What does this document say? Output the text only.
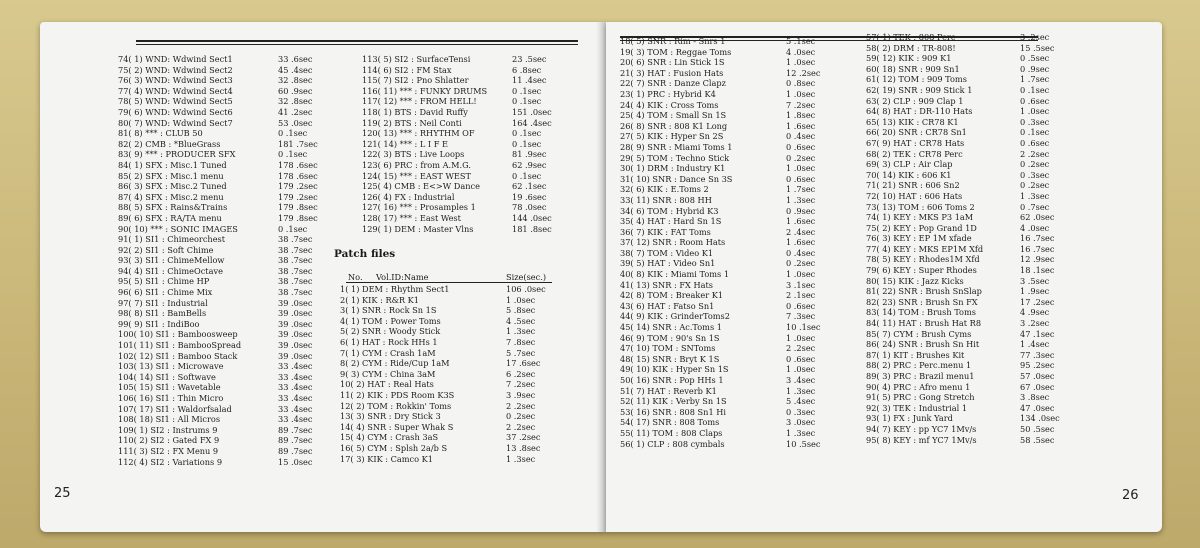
74( 1) WND: Wdwind Sect1	33 .6sec
75( 2) WND: Wdwind Sect2	45 .4sec
76( 3) WND: Wdwind Sect3	32 .8sec
77( 4) WND: Wdwind Sect4	60 .9sec
78( 5) WND: Wdwind Sect5	32 .8sec
79( 6) WND: Wdwind Sect6	41 .2sec
80( 7) WND: Wdwind Sect7	53 .0sec
81( 8) *** : CLUB 50	0 .1sec
82( 2) CMB : *BlueGrass	181 .7sec
83( 9) *** : PRODUCER SFX	0 .1sec
84( 1) SFX : Misc.1 Tuned	178 .6sec
85( 2) SFX : Misc.1 menu	178 .6sec
86( 3) SFX : Misc.2 Tuned	179 .2sec
87( 4) SFX : Misc.2 menu	179 .2sec
88( 5) SFX : Rains&Trains	179 .8sec
89( 6) SFX : RA/TA menu	179 .8sec
90( 10) *** : SONIC IMAGES	0 .1sec
91( 1) SI1 : Chimeorchest	38 .7sec
92( 2) SI1 : Soft Chime	38 .7sec
93( 3) SI1 : ChimeMellow	38 .7sec
94( 4) SI1 : ChimeOctave	38 .7sec
95( 5) SI1 : Chime HP	38 .7sec
96( 6) SI1 : Chime Mix	38 .7sec
97( 7) SI1 : Industrial	39 .0sec
98( 8) SI1 : BamBells	39 .0sec
99( 9) SI1 : IndiBoo	39 .0sec
100( 10) SI1 : Bamboosweep	39 .0sec
101( 11) SI1 : BambooSpread	39 .0sec
102( 12) SI1 : Bamboo Stack	39 .0sec
103( 13) SI1 : Microwave	33 .4sec
104( 14) SI1 : Softwave	33 .4sec
105( 15) SI1 : Wavetable	33 .4sec
106( 16) SI1 : Thin Micro	33 .4sec
107( 17) SI1 : Waldorfsalad	33 .4sec
108( 18) SI1 : All Micros	33 .4sec
109( 1) SI2 : Instrums 9	89 .7sec
110( 2) SI2 : Gated FX 9	89 .7sec
111( 3) SI2 : FX Menu 9	89 .7sec
112( 4) SI2 : Variations 9	15 .0sec
113( 5) SI2 : SurfaceTensi	23 .5sec
114( 6) SI2 : FM Stax	6 .8sec
115( 7) SI2 : Pno Shlatter	11 .4sec
116( 11) *** : FUNKY DRUMS	0 .1sec
117( 12) *** : FROM HELL!	0 .1sec
118( 1) BTS : David Ruffy	151 .0sec
119( 2) BTS : Neil Conti	164 .4sec
120( 13) *** : RHYTHM OF	0 .1sec
121( 14) *** : L I F E	0 .1sec
122( 3) BTS : Live Loops	81 .9sec
123( 6) PRC : from A.M.G.	62 .9sec
124( 15) *** : EAST WEST	0 .1sec
125( 4) CMB : E<>W Dance	62 .1sec
126( 4) FX : Industrial	19 .6sec
127( 16) *** : Prosamples 1	78 .0sec
128( 17) *** : East West	144 .0sec
129( 1) DEM : Master Vlns	181 .8sec
Patch files
No. Vol.ID:Name	Size(sec.)
1( 1) DEM : Rhythm Sect1	106 .0sec
2( 1) KIK : R&R K1	1 .0sec
3( 1) SNR : Rock Sn 1S	5 .8sec
4( 1) TOM : Power Toms	4 .5sec
5( 2) SNR : Woody Stick	1 .3sec
6( 1) HAT : Rock HHs 1	7 .8sec
7( 1) CYM : Crash 1aM	5 .7sec
8( 2) CYM : Ride/Cup 1aM	17 .6sec
9( 3) CYM : China 3aM	6 .2sec
10( 2) HAT : Real Hats	7 .2sec
11( 2) KIK : PDS Room K3S	3 .9sec
12( 2) TOM : Rokkin' Toms	2 .2sec
13( 3) SNR : Dry Stick 3	0 .2sec
14( 4) SNR : Super Whak S	2 .2sec
15( 4) CYM : Crash 3aS	37 .2sec
16( 5) CYM : Splsh 2a/b S	13 .8sec
17( 3) KIK : Camco K1	1 .3sec
25
18( 5) SNR : Rim - Snrs 1	5 .1sec
19( 3) TOM : Reggae Toms	4 .0sec
20( 6) SNR : Lin Stick 1S	1 .0sec
21( 3) HAT : Fusion Hats	12 .2sec
22( 7) SNR : Danze Clapz	0 .8sec
23( 1) PRC : Hybrid K4	1 .0sec
24( 4) KIK : Cross Toms	7 .2sec
25( 4) TOM : Small Sn 1S	1 .8sec
26( 8) SNR : 808 K1 Long	1 .6sec
27( 5) KIK : Hyper Sn 2S	0 .4sec
28( 9) SNR : Miami Toms 1	0 .6sec
29( 5) TOM : Techno Stick	0 .2sec
30( 1) DRM : Industry K1	1 .0sec
31( 10) SNR : Dance Sn 3S	0 .6sec
32( 6) KIK : E.Toms 2	1 .7sec
33( 11) SNR : 808 HH	1 .3sec
34( 6) TOM : Hybrid K3	0 .9sec
35( 4) HAT : Hard Sn 1S	1 .6sec
36( 7) KIK : FAT Toms	2 .4sec
37( 12) SNR : Room Hats	1 .6sec
38( 7) TOM : Video K1	0 .4sec
39( 5) HAT : Video Sn1	0 .2sec
40( 8) KIK : Miami Toms 1	1 .0sec
41( 13) SNR : FX Hats	3 .1sec
42( 8) TOM : Breaker K1	2 .1sec
43( 6) HAT : Fatso Sn1	0 .6sec
44( 9) KIK : GrinderToms2	7 .3sec
45( 14) SNR : Ac.Toms 1	10 .1sec
46( 9) TOM : 90's Sn 1S	1 .0sec
47( 10) TOM : SNToms	2 .2sec
48( 15) SNR : Bryt K 1S	0 .6sec
49( 10) KIK : Hyper Sn 1S	1 .0sec
50( 16) SNR : Pop HHs 1	3 .4sec
51( 7) HAT : Reverb K1	1 .3sec
52( 11) KIK : Verby Sn 1S	5 .4sec
53( 16) SNR : 808 Sn1 Hi	0 .3sec
54( 17) SNR : 808 Toms	3 .0sec
55( 11) TOM : 808 Claps	1 .3sec
56( 1) CLP : 808 cymbals	10 .5sec
57( 1) TEK : 808 Perc	3 .2sec
58( 2) DRM : TR-808!	15 .5sec
59( 12) KIK : 909 K1	0 .5sec
60( 18) SNR : 909 Sn1	0 .9sec
61( 12) TOM : 909 Toms	1 .7sec
62( 19) SNR : 909 Stick 1	0 .1sec
63( 2) CLP : 909 Clap 1	0 .6sec
64( 8) HAT : DR-110 Hats	1 .0sec
65( 13) KIK : CR78 K1	0 .3sec
66( 20) SNR : CR78 Sn1	0 .1sec
67( 9) HAT : CR78 Hats	0 .6sec
68( 2) TEK : CR78 Perc	2 .2sec
69( 3) CLP : Air Clap	0 .2sec
70( 14) KIK : 606 K1	0 .3sec
71( 21) SNR : 606 Sn2	0 .2sec
72( 10) HAT : 606 Hats	1 .3sec
73( 13) TOM : 606 Toms 2	0 .7sec
74( 1) KEY : MKS P3 1aM	62 .0sec
75( 2) KEY : Pop Grand 1D	4 .0sec
76( 3) KEY : EP 1M xfade	16 .7sec
77( 4) KEY : MKS EP1M Xfd	16 .7sec
78( 5) KEY : Rhodes1M Xfd	12 .9sec
79( 6) KEY : Super Rhodes	18 .1sec
80( 15) KIK : Jazz Kicks	3 .5sec
81( 22) SNR : Brush SnSlap	1 .9sec
82( 23) SNR : Brush Sn FX	17 .2sec
83( 14) TOM : Brush Toms	4 .9sec
84( 11) HAT : Brush Hat R8	3 .2sec
85( 7) CYM : Brush Cyms	47 .1sec
86( 24) SNR : Brush Sn Hit	1 .4sec
87( 1) KIT : Brushes Kit	77 .3sec
88( 2) PRC : Perc.menu 1	95 .2sec
89( 3) PRC : Brazil menu1	57 .0sec
90( 4) PRC : Afro menu 1	67 .0sec
91( 5) PRC : Gong Stretch	3 .8sec
92( 3) TEK : Industrial 1	47 .0sec
93( 1) FX : Junk Yard	134 .0sec
94( 7) KEY : pp YC7 1Mv/s	50 .5sec
95( 8) KEY : mf YC7 1Mv/s	58 .5sec
26
